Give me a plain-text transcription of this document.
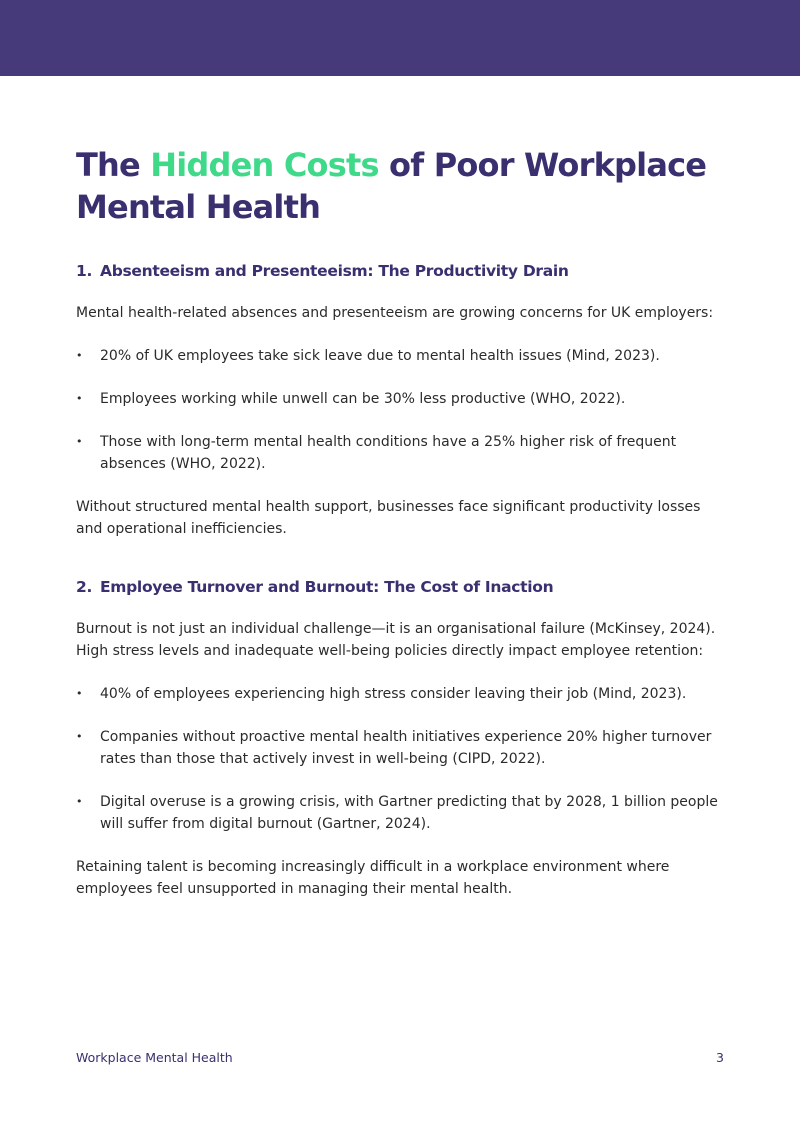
The Hidden Costs of Poor Workplace Mental Health
1. Absenteeism and Presenteeism: The Productivity Drain

Mental health-related absences and presenteeism are growing concerns for UK employers:

•	20% of UK employees take sick leave due to mental health issues (Mind, 2023).
•	Employees working while unwell can be 30% less productive (WHO, 2022).
•	Those with long-term mental health conditions have a 25% higher risk of frequent absences (WHO, 2022).

Without structured mental health support, businesses face significant productivity losses and operational inefficiencies.

2. Employee Turnover and Burnout: The Cost of Inaction

Burnout is not just an individual challenge—it is an organisational failure (McKinsey, 2024). High stress levels and inadequate well-being policies directly impact employee retention:

•	40% of employees experiencing high stress consider leaving their job (Mind, 2023).
•	Companies without proactive mental health initiatives experience 20% higher turnover rates than those that actively invest in well-being (CIPD, 2022).
•	Digital overuse is a growing crisis, with Gartner predicting that by 2028, 1 billion people will suffer from digital burnout (Gartner, 2024).

Retaining talent is becoming increasingly difficult in a workplace environment where employees feel unsupported in managing their mental health.

Workplace Mental Health	3
